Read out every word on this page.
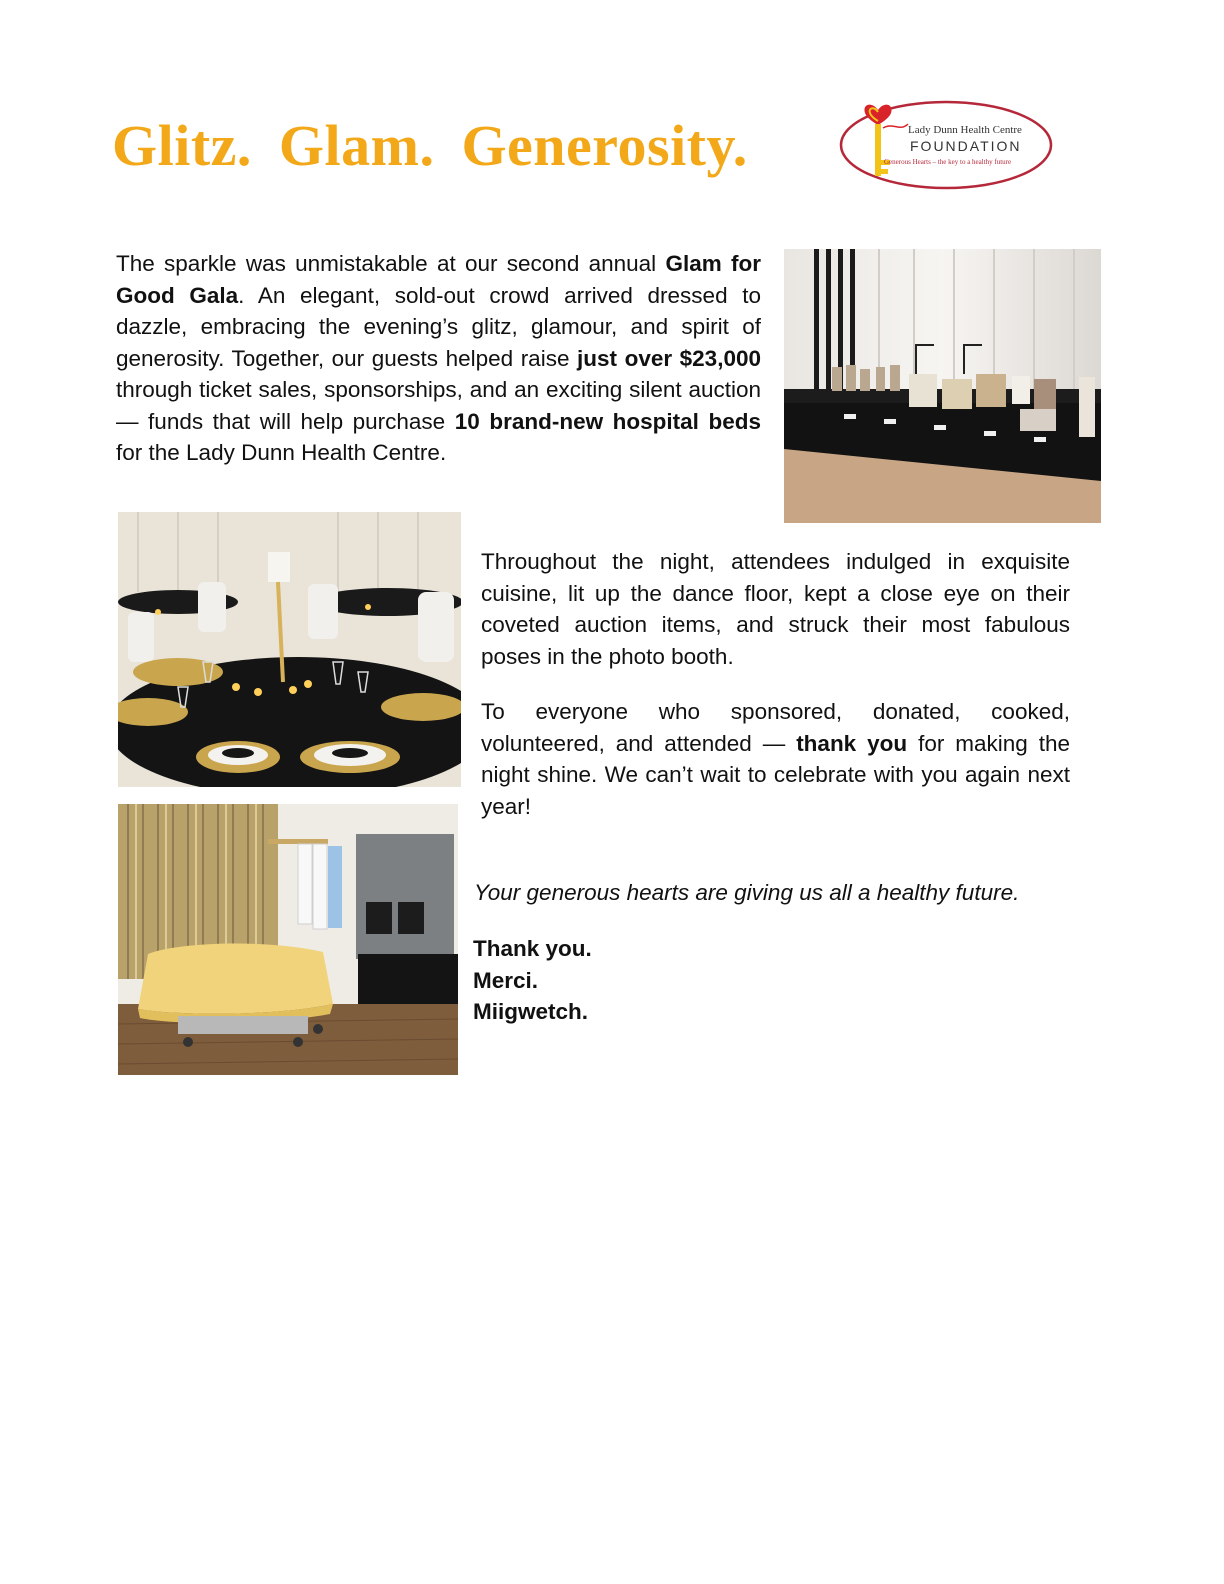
Glitz. Glam. Generosity.	Lady Dunn Health Centre
FOUNDATION
Generous Hearts – the key to a healthy future

The sparkle was unmistakable at our second annual Glam for Good Gala. An elegant, sold-out crowd arrived dressed to dazzle, embracing the evening’s glitz, glamour, and spirit of generosity. Together, our guests helped raise just over $23,000 through ticket sales, sponsorships, and an exciting silent auction — funds that will help purchase 10 brand-new hospital beds for the Lady Dunn Health Centre.

Throughout the night, attendees indulged in exquisite cuisine, lit up the dance floor, kept a close eye on their coveted auction items, and struck their most fabulous poses in the photo booth.

To everyone who sponsored, donated, cooked, volunteered, and attended — thank you for making the night shine. We can’t wait to celebrate with you again next year!

Your generous hearts are giving us all a healthy future.

Thank you.
Merci.
Miigwetch.
